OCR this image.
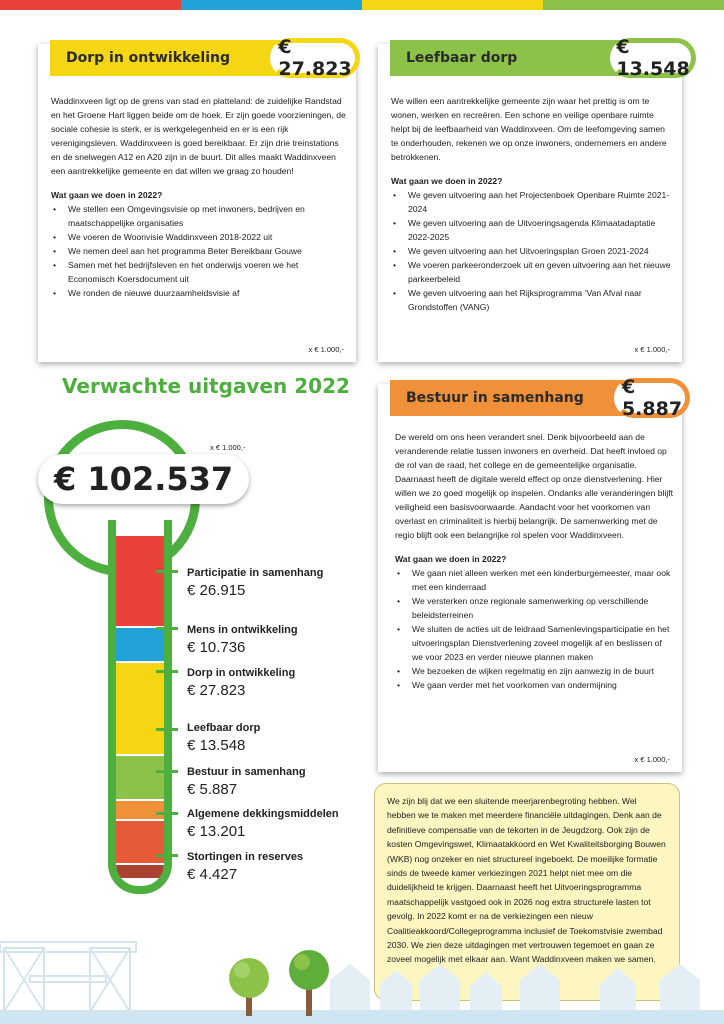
Dorp in ontwikkeling	€ 27.823

Waddinxveen ligt op de grens van stad en platteland: de zuidelijke Randstad en het Groene Hart liggen beide om de hoek. Er zijn goede voorzieningen, de sociale cohesie is sterk, er is werkgelegenheid en er is een rijk verenigingsleven. Waddinxveen is goed bereikbaar. Er zijn drie treinstations en de snelwegen A12 en A20 zijn in de buurt. Dit alles maakt Waddinxveen een aantrekkelijke gemeente en dat willen we graag zo houden!

Wat gaan we doen in 2022?
• We stellen een Omgevingsvisie op met inwoners, bedrijven en maatschappelijke organisaties
• We voeren de Woonvisie Waddinxveen 2018-2022 uit
• We nemen deel aan het programma Beter Bereikbaar Gouwe
• Samen met het bedrijfsleven en het onderwijs voeren we het Economisch Koersdocument uit
• We ronden de nieuwe duurzaamheidsvisie af
x € 1.000,-
Leefbaar dorp	€ 13.548

We willen een aantrekkelijke gemeente zijn waar het prettig is om te wonen, werken en recreëren. Een schone en veilige openbare ruimte helpt bij de leefbaarheid van Waddinxveen. Om de leefomgeving samen te onderhouden, rekenen we op onze inwoners, ondernemers en andere betrokkenen.

Wat gaan we doen in 2022?
• We geven uitvoering aan het Projectenboek Openbare Ruimte 2021-2024
• We geven uitvoering aan de Uitvoeringsagenda Klimaatadaptatie 2022-2025
• We geven uitvoering aan het Uitvoeringsplan Groen 2021-2024
• We voeren parkeeronderzoek uit en geven uitvoering aan het nieuwe parkeerbeleid
• We geven uitvoering aan het Rijksprogramma ‘Van Afval naar Grondstoffen (VANG)
x € 1.000,-
Bestuur in samenhang € 5.887

De wereld om ons heen verandert snel. Denk bijvoorbeeld aan de veranderende relatie tussen inwoners en overheid. Dat heeft invloed op de rol van de raad, het college en de gemeentelijke organisatie. Daarnaast heeft de digitale wereld effect op onze dienstverlening. Hier willen we zo goed mogelijk op inspelen. Ondanks alle veranderingen blijft veiligheid een basisvoorwaarde. Aandacht voor het voorkomen van overlast en criminaliteit is hierbij belangrijk. De samenwerking met de regio blijft ook een belangrijke rol spelen voor Waddinxveen.

Wat gaan we doen in 2022?
• We gaan niet alleen werken met een kinderburgemeester, maar ook met een kinderraad
• We versterken onze regionale samenwerking op verschillende beleidsterreinen
• We sluiten de acties uit de leidraad Samenlevingsparticipatie en het uitvoeringsplan Dienstverlening zoveel mogelijk af en beslissen of we voor 2023 en verder nieuwe plannen maken
• We bezoeken de wijken regelmatig en zijn aanwezig in de buurt
• We gaan verder met het voorkomen van ondermijning
x € 1.000,-
Verwachte uitgaven 2022
€ 102.537
x € 1.000,-
Participatie in samenhang
€ 26.915
Mens in ontwikkeling
€ 10.736
Dorp in ontwikkeling
€ 27.823
Leefbaar dorp
€ 13.548
Bestuur in samenhang
€ 5.887
Algemene dekkingsmiddelen
€ 13.201
Stortingen in reserves
€ 4.427
We zijn blij dat we een sluitende meerjarenbegroting hebben. Wel hebben we te maken met meerdere financiële uitdagingen. Denk aan de definitieve compensatie van de tekorten in de Jeugdzorg. Ook zijn de kosten Omgevingswet, Klimaatakkoord en Wet Kwaliteitsborging Bouwen (WKB) nog onzeker en niet structureel ingeboekt. De moeilijke formatie sinds de tweede kamer verkiezingen 2021 helpt niet mee om die duidelijkheid te krijgen. Daarnaast heeft het Uitvoeringsprogramma maatschappelijk vastgoed ook in 2026 nog extra structurele lasten tot gevolg. In 2022 komt er na de verkiezingen een nieuw Coalitieakkoord/Collegeprogramma inclusief de Toekomstvisie zwembad 2030. We zien deze uitdagingen met vertrouwen tegemoet en gaan ze zoveel mogelijk met elkaar aan. Want Waddinxveen maken we samen.
